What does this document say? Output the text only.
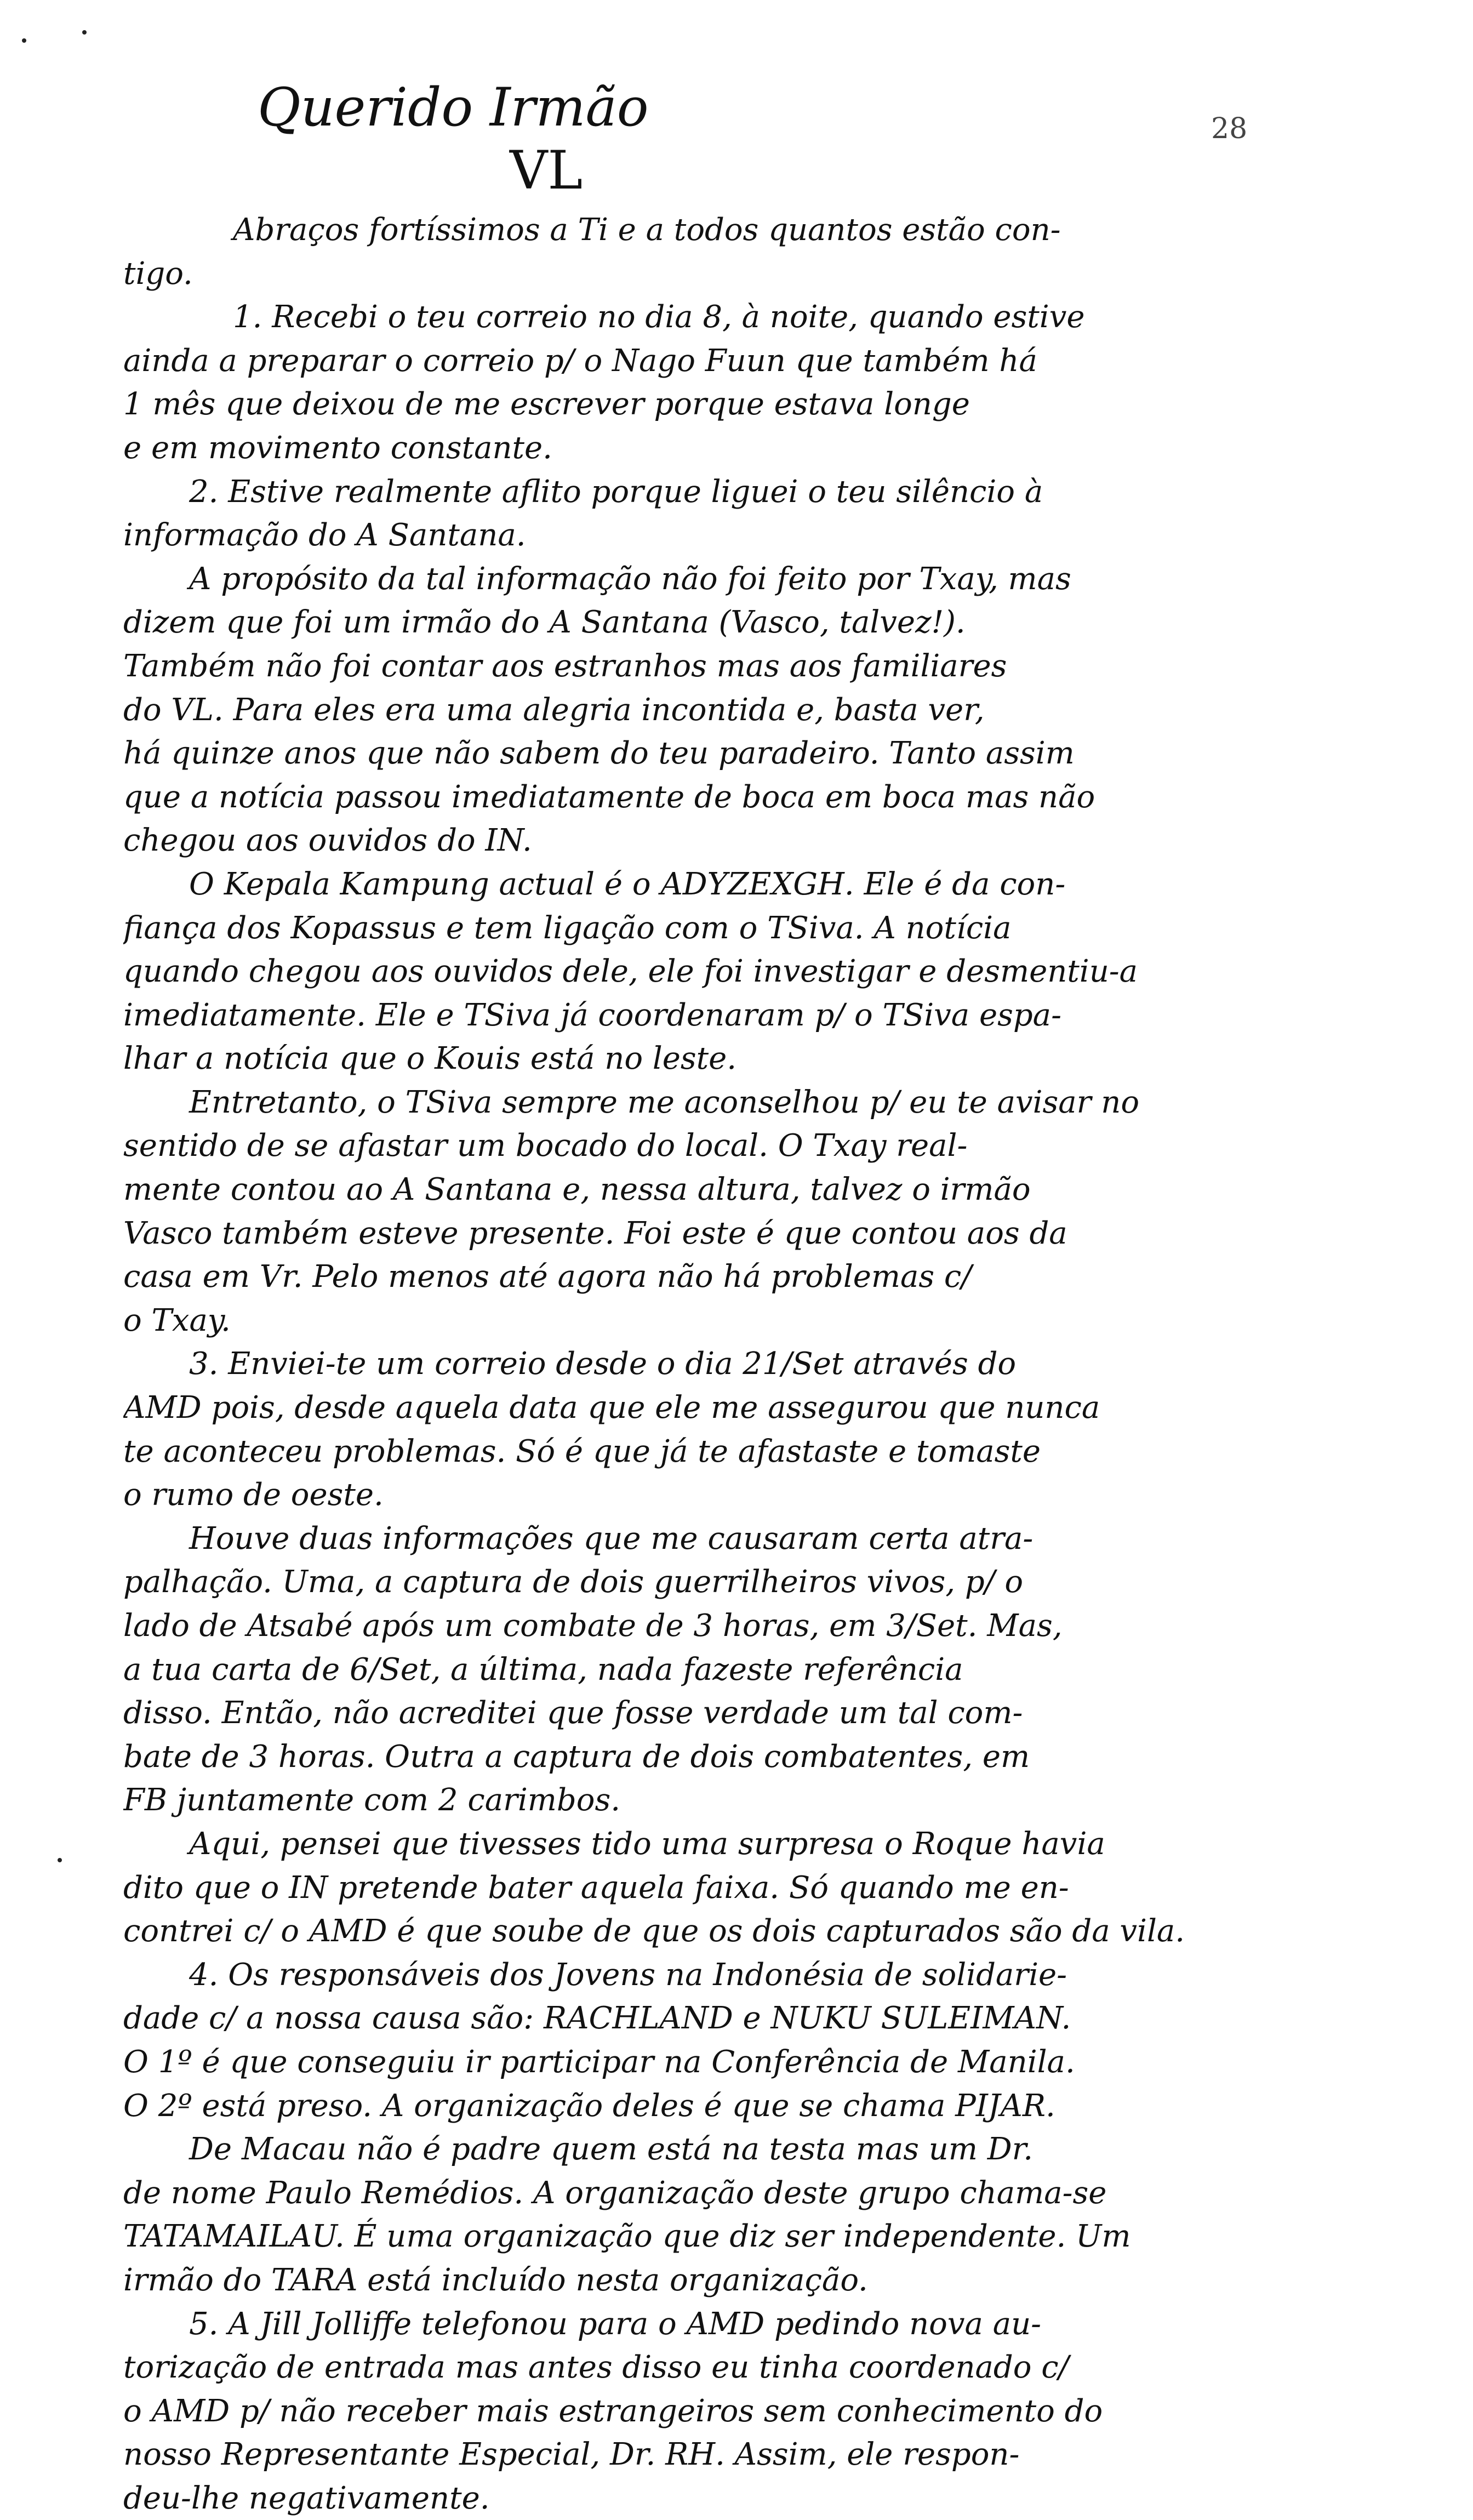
Querido Irmão
VL
28
Abraços fortíssimos a Ti e a todos quantos estão con-
tigo.
1. Recebi o teu correio no dia 8, à noite, quando estive
ainda a preparar o correio p/ o Nago Fuun que também há
1 mês que deixou de me escrever porque estava longe
e em movimento constante.
2. Estive realmente aflito porque liguei o teu silêncio à
informação do A Santana.
A propósito da tal informação não foi feito por Txay, mas
dizem que foi um irmão do A Santana (Vasco, talvez!).
Também não foi contar aos estranhos mas aos familiares
do VL. Para eles era uma alegria incontida e, basta ver,
há quinze anos que não sabem do teu paradeiro. Tanto assim
que a notícia passou imediatamente de boca em boca mas não
chegou aos ouvidos do IN.
O Kepala Kampung actual é o ADYZEXGH. Ele é da con-
fiança dos Kopassus e tem ligação com o TSiva. A notícia
quando chegou aos ouvidos dele, ele foi investigar e desmentiu-a
imediatamente. Ele e TSiva já coordenaram p/ o TSiva espa-
lhar a notícia que o Kouis está no leste.
Entretanto, o TSiva sempre me aconselhou p/ eu te avisar no
sentido de se afastar um bocado do local. O Txay real-
mente contou ao A Santana e, nessa altura, talvez o irmão
Vasco também esteve presente. Foi este é que contou aos da
casa em Vr. Pelo menos até agora não há problemas c/
o Txay.
3. Enviei-te um correio desde o dia 21/Set através do
AMD pois, desde aquela data que ele me assegurou que nunca
te aconteceu problemas. Só é que já te afastaste e tomaste
o rumo de oeste.
Houve duas informações que me causaram certa atra-
palhação. Uma, a captura de dois guerrilheiros vivos, p/ o
lado de Atsabé após um combate de 3 horas, em 3/Set. Mas,
a tua carta de 6/Set, a última, nada fazeste referência
disso. Então, não acreditei que fosse verdade um tal com-
bate de 3 horas. Outra a captura de dois combatentes, em
FB juntamente com 2 carimbos.
Aqui, pensei que tivesses tido uma surpresa o Roque havia
dito que o IN pretende bater aquela faixa. Só quando me en-
contrei c/ o AMD é que soube de que os dois capturados são da vila.
4. Os responsáveis dos Jovens na Indonésia de solidarie-
dade c/ a nossa causa são: RACHLAND e NUKU SULEIMAN.
O 1º é que conseguiu ir participar na Conferência de Manila.
O 2º está preso. A organização deles é que se chama PIJAR.
De Macau não é padre quem está na testa mas um Dr.
de nome Paulo Remédios. A organização deste grupo chama-se
TATAMAILAU. É uma organização que diz ser independente. Um
irmão do TARA está incluído nesta organização.
5. A Jill Jolliffe telefonou para o AMD pedindo nova au-
torização de entrada mas antes disso eu tinha coordenado c/
o AMD p/ não receber mais estrangeiros sem conhecimento do
nosso Representante Especial, Dr. RH. Assim, ele respon-
deu-lhe negativamente.
